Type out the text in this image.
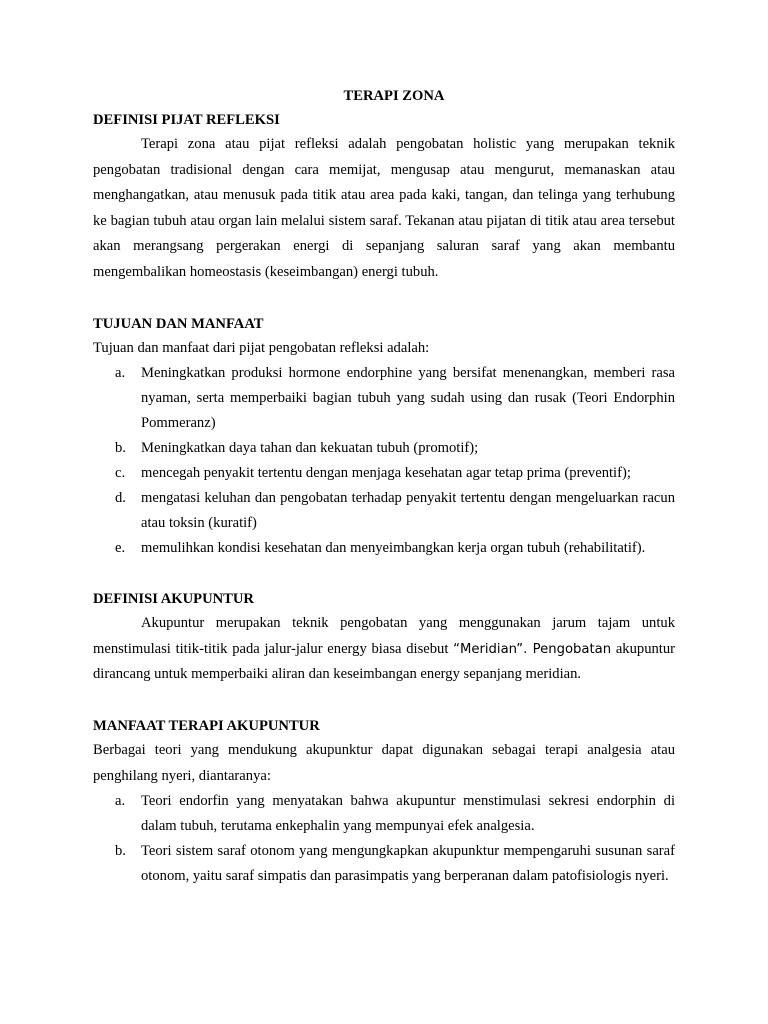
TERAPI ZONA
DEFINISI PIJAT REFLEKSI

Terapi zona atau pijat refleksi adalah pengobatan holistic yang merupakan teknik pengobatan tradisional dengan cara memijat, mengusap atau mengurut, memanaskan atau menghangatkan, atau menusuk pada titik atau area pada kaki, tangan, dan telinga yang terhubung ke bagian tubuh atau organ lain melalui sistem saraf. Tekanan atau pijatan di titik atau area tersebut akan merangsang pergerakan energi di sepanjang saluran saraf yang akan membantu mengembalikan homeostasis (keseimbangan) energi tubuh.

TUJUAN DAN MANFAAT

Tujuan dan manfaat dari pijat pengobatan refleksi adalah:

a. Meningkatkan produksi hormone endorphine yang bersifat menenangkan, memberi rasa nyaman, serta memperbaiki bagian tubuh yang sudah using dan rusak (Teori Endorphin Pommeranz)
b. Meningkatkan daya tahan dan kekuatan tubuh (promotif);
c. mencegah penyakit tertentu dengan menjaga kesehatan agar tetap prima (preventif);
d. mengatasi keluhan dan pengobatan terhadap penyakit tertentu dengan mengeluarkan racun atau toksin (kuratif)
e. memulihkan kondisi kesehatan dan menyeimbangkan kerja organ tubuh (rehabilitatif).
DEFINISI AKUPUNTUR

Akupuntur merupakan teknik pengobatan yang menggunakan jarum tajam untuk menstimulasi titik-titik pada jalur-jalur energy biasa disebut “Meridian”. Pengobatan akupuntur dirancang untuk memperbaiki aliran dan keseimbangan energy sepanjang meridian.

MANFAAT TERAPI AKUPUNTUR

Berbagai teori yang mendukung akupunktur dapat digunakan sebagai terapi analgesia atau penghilang nyeri, diantaranya:

a. Teori endorfin yang menyatakan bahwa akupuntur menstimulasi sekresi endorphin di dalam tubuh, terutama enkephalin yang mempunyai efek analgesia.
b. Teori sistem saraf otonom yang mengungkapkan akupunktur mempengaruhi susunan saraf otonom, yaitu saraf simpatis dan parasimpatis yang berperanan dalam patofisiologis nyeri.
